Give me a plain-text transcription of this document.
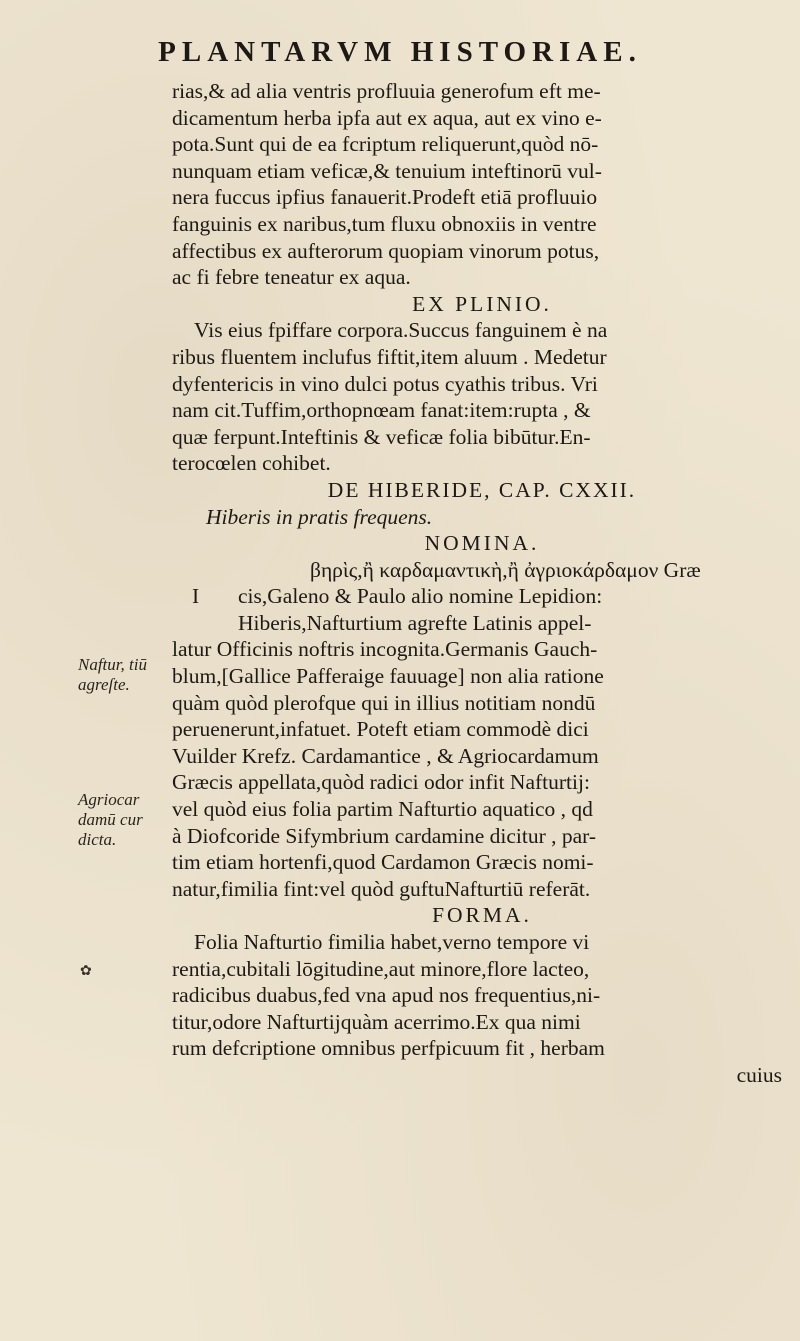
PLANTARVM HISTORIAE.
rias,& ad alia ventris profluuia generofum eft me-
dicamentum herba ipfa aut ex aqua, aut ex vino e-
pota.Sunt qui de ea fcriptum reliquerunt,quòd nō-
nunquam etiam veficæ,& tenuium inteftinorū vul-
nera fuccus ipfius fanauerit.Prodeft etiā profluuio
fanguinis ex naribus,tum fluxu obnoxiis in ventre
affectibus ex aufterorum quopiam vinorum potus,
ac fi febre teneatur ex aqua.
EX PLINIO.
Vis eius fpiffare corpora.Succus fanguinem è na
ribus fluentem inclufus fiftit,item aluum . Medetur
dyfentericis in vino dulci potus cyathis tribus. Vri
nam cit.Tuffim,orthopnœam fanat:item:rupta , &
quæ ferpunt.Inteftinis & veficæ folia bibūtur.En-
terocœlen cohibet.
DE HIBERIDE, CAP. CXXII.
Hiberis in pratis frequens.
NOMINA.
βηρὶς,ἢ καρδαμαντικὴ,ἢ ἀγριοκάρδαμον Græ
I cis,Galeno & Paulo alio nomine Lepidion:
Hiberis,Nafturtium agrefte Latinis appel-
latur Officinis noftris incognita.Germanis Gauch-
blum,[Gallice Pafferaige fauuage] non alia ratione
quàm quòd plerofque qui in illius notitiam nondū
peruenerunt,infatuet. Poteft etiam commodè dici
Vuilder Krefz. Cardamantice , & Agriocardamum
Græcis appellata,quòd radici odor infit Nafturtij:
vel quòd eius folia partim Nafturtio aquatico , qd
à Diofcoride Sifymbrium cardamine dicitur , par-
tim etiam hortenfi,quod Cardamon Græcis nomi-
natur,fimilia fint:vel quòd guftuNafturtiū referāt.
FORMA.
Folia Nafturtio fimilia habet,verno tempore vi
rentia,cubitali lōgitudine,aut minore,flore lacteo,
radicibus duabus,fed vna apud nos frequentius,ni-
titur,odore Nafturtijquàm acerrimo.Ex qua nimi
rum defcriptione omnibus perfpicuum fit , herbam
cuius
Naftur, tiū agreſte.
Agriocar damū cur dicta.
✿
